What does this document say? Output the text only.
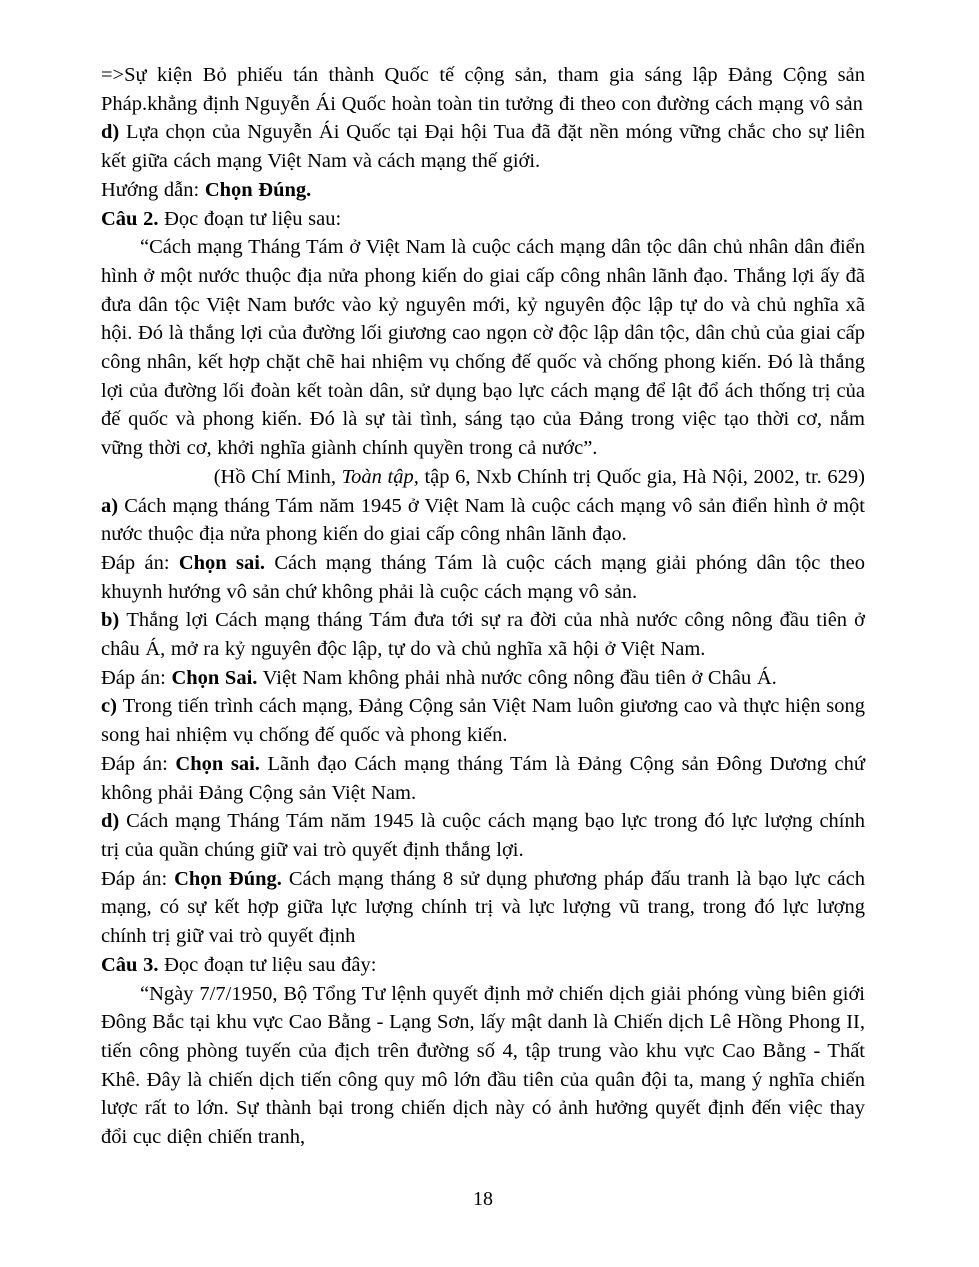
=>Sự kiện Bỏ phiếu tán thành Quốc tế cộng sản, tham gia sáng lập Đảng Cộng sản Pháp.khẳng định Nguyễn Ái Quốc hoàn toàn tin tưởng đi theo con đường cách mạng vô sản

d) Lựa chọn của Nguyễn Ái Quốc tại Đại hội Tua đã đặt nền móng vững chắc cho sự liên kết giữa cách mạng Việt Nam và cách mạng thế giới.

Hướng dẫn: Chọn Đúng.

Câu 2. Đọc đoạn tư liệu sau:

“Cách mạng Tháng Tám ở Việt Nam là cuộc cách mạng dân tộc dân chủ nhân dân điển hình ở một nước thuộc địa nửa phong kiến do giai cấp công nhân lãnh đạo. Thắng lợi ấy đã đưa dân tộc Việt Nam bước vào kỷ nguyên mới, kỷ nguyên độc lập tự do và chủ nghĩa xã hội. Đó là thắng lợi của đường lối giương cao ngọn cờ độc lập dân tộc, dân chủ của giai cấp công nhân, kết hợp chặt chẽ hai nhiệm vụ chống đế quốc và chống phong kiến. Đó là thắng lợi của đường lối đoàn kết toàn dân, sử dụng bạo lực cách mạng để lật đổ ách thống trị của đế quốc và phong kiến. Đó là sự tài tình, sáng tạo của Đảng trong việc tạo thời cơ, nắm vững thời cơ, khởi nghĩa giành chính quyền trong cả nước”.

(Hồ Chí Minh, Toàn tập, tập 6, Nxb Chính trị Quốc gia, Hà Nội, 2002, tr. 629)

a) Cách mạng tháng Tám năm 1945 ở Việt Nam là cuộc cách mạng vô sản điển hình ở một nước thuộc địa nửa phong kiến do giai cấp công nhân lãnh đạo.

Đáp án: Chọn sai. Cách mạng tháng Tám là cuộc cách mạng giải phóng dân tộc theo khuynh hướng vô sản chứ không phải là cuộc cách mạng vô sản.

b) Thắng lợi Cách mạng tháng Tám đưa tới sự ra đời của nhà nước công nông đầu tiên ở châu Á, mở ra kỷ nguyên độc lập, tự do và chủ nghĩa xã hội ở Việt Nam.

Đáp án: Chọn Sai. Việt Nam không phải nhà nước công nông đầu tiên ở Châu Á.

c) Trong tiến trình cách mạng, Đảng Cộng sản Việt Nam luôn giương cao và thực hiện song song hai nhiệm vụ chống đế quốc và phong kiến.

Đáp án: Chọn sai. Lãnh đạo Cách mạng tháng Tám là Đảng Cộng sản Đông Dương chứ không phải Đảng Cộng sản Việt Nam.

d) Cách mạng Tháng Tám năm 1945 là cuộc cách mạng bạo lực trong đó lực lượng chính trị của quần chúng giữ vai trò quyết định thắng lợi.

Đáp án: Chọn Đúng. Cách mạng tháng 8 sử dụng phương pháp đấu tranh là bạo lực cách mạng, có sự kết hợp giữa lực lượng chính trị và lực lượng vũ trang, trong đó lực lượng chính trị giữ vai trò quyết định

Câu 3. Đọc đoạn tư liệu sau đây:

“Ngày 7/7/1950, Bộ Tổng Tư lệnh quyết định mở chiến dịch giải phóng vùng biên giới Đông Bắc tại khu vực Cao Bằng - Lạng Sơn, lấy mật danh là Chiến dịch Lê Hồng Phong II, tiến công phòng tuyến của địch trên đường số 4, tập trung vào khu vực Cao Bằng - Thất Khê. Đây là chiến dịch tiến công quy mô lớn đầu tiên của quân đội ta, mang ý nghĩa chiến lược rất to lớn. Sự thành bại trong chiến dịch này có ảnh hưởng quyết định đến việc thay đổi cục diện chiến tranh,

18
